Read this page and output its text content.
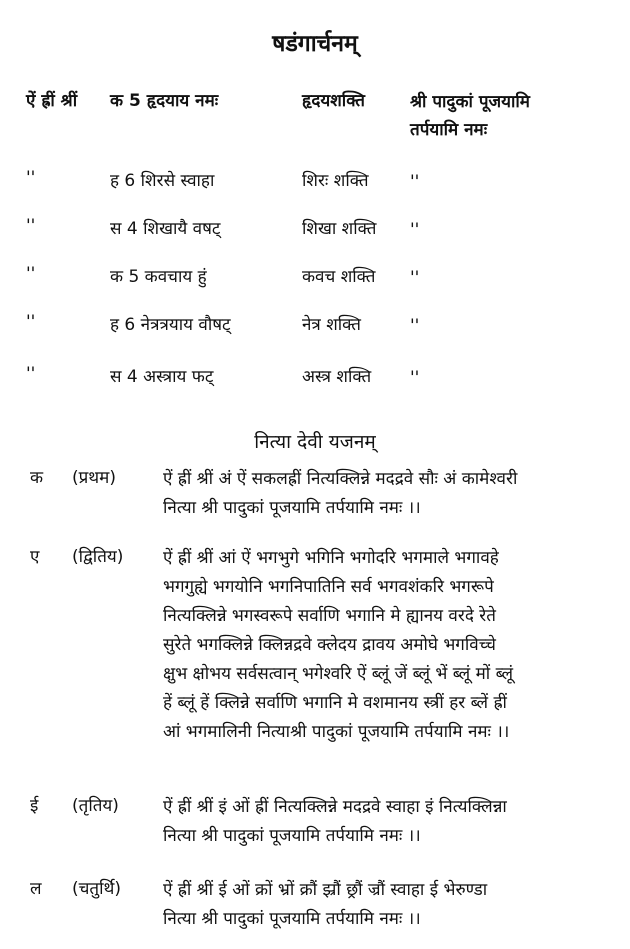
षडंगार्चनम्
ऐं ह्रीं श्रीं क 5 हृदयाय नमः	हृदयशक्ति	श्री पादुकां पूजयामि
तर्पयामि नमः
''	ह 6 शिरसे स्वाहा	शिरः शक्ति ''
''	स 4 शिखायै वषट्	शिखा शक्ति ''
''	क 5 कवचाय हुं	कवच शक्ति ''
''	ह 6 नेत्रत्रयाय वौषट्	नेत्र शक्ति	''
''	स 4 अस्त्राय फट्	अस्त्र शक्ति ''
नित्या देवी यजनम्
क (प्रथम)	ऐं ह्रीं श्रीं अं ऐं सकलह्रीं नित्यक्लिन्ने मदद्रवे सौः अं कामेश्वरी
नित्या श्री पादुकां पूजयामि तर्पयामि नमः ।।
ए (द्वितिय) ऐं ह्रीं श्रीं आं ऐं भगभुगे भगिनि भगोदरि भगमाले भगावहे
भगगुह्ये भगयोनि भगनिपातिनि सर्व भगवशंकरि भगरूपे
नित्यक्लिन्ने भगस्वरूपे सर्वाणि भगानि मे ह्यानय वरदे रेते
सुरेते भगक्लिन्ने क्लिन्नद्रवे क्लेदय द्रावय अमोघे भगविच्चे
क्षुभ क्षोभय सर्वसत्वान् भगेश्वरि ऐं ब्लूं जें ब्लूं भें ब्लूं मों ब्लूं
हें ब्लूं हें क्लिन्ने सर्वाणि भगानि मे वशमानय स्त्रीं हर ब्लें ह्रीं
आं भगमालिनी नित्याश्री पादुकां पूजयामि तर्पयामि नमः ।।
ई (तृतिय)	ऐं ह्रीं श्रीं इं ओं ह्रीं नित्यक्लिन्ने मदद्रवे स्वाहा इं नित्यक्लिन्ना
नित्या श्री पादुकां पूजयामि तर्पयामि नमः ।।
ल (चतुर्थि) ऐं ह्रीं श्रीं ई ओं क्रों भ्रों क्रौं झ्रौं छ्रौं ज्रौं स्वाहा ई भेरुण्डा
नित्या श्री पादुकां पूजयामि तर्पयामि नमः ।।
